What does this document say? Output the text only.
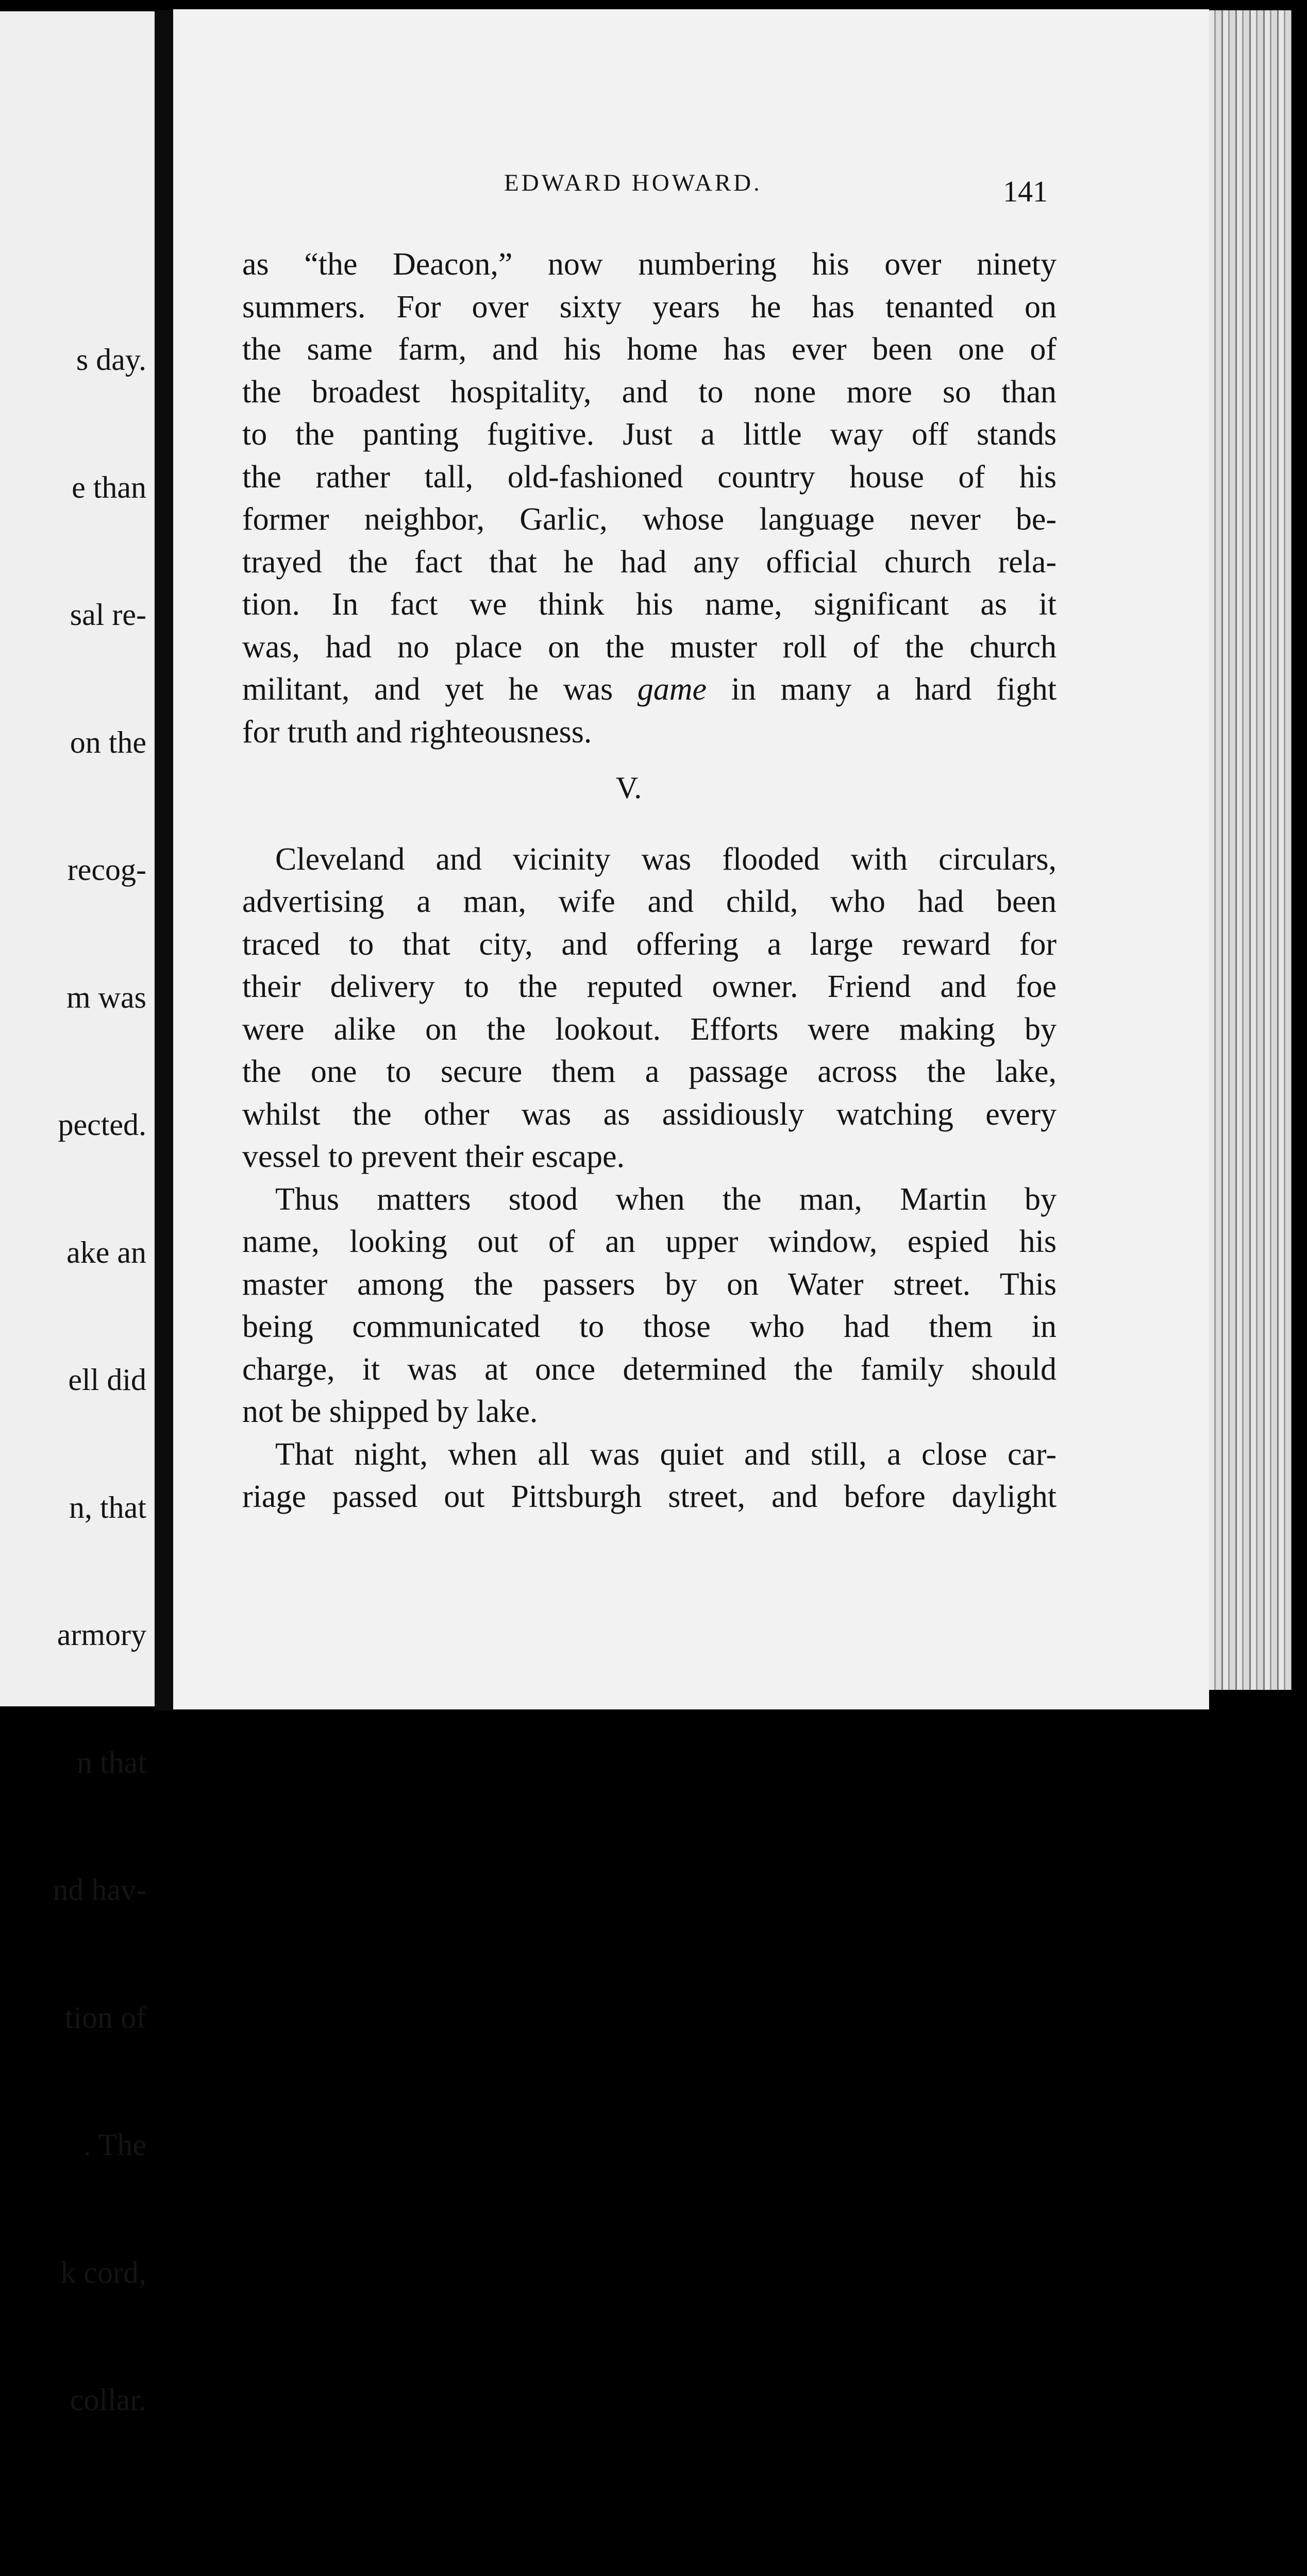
s day.

e than

sal re-

on the

recog-

m was

pected.

ake an

ell did

n, that

armory

n that

nd hav-

tion of

. The

k cord,

collar.

EDWARD HOWARD.	141
as “the Deacon,” now numbering his over ninety
summers. For over sixty years he has tenanted on
the same farm, and his home has ever been one of
the broadest hospitality, and to none more so than
to the panting fugitive. Just a little way off stands
the rather tall, old-fashioned country house of his
former neighbor, Garlic, whose language never be-
trayed the fact that he had any official church rela-
tion. In fact we think his name, significant as it
was, had no place on the muster roll of the church
militant, and yet he was game in many a hard fight
for truth and righteousness.
V.
Cleveland and vicinity was flooded with circulars,
advertising a man, wife and child, who had been
traced to that city, and offering a large reward for
their delivery to the reputed owner. Friend and foe
were alike on the lookout. Efforts were making by
the one to secure them a passage across the lake,
whilst the other was as assidiously watching every
vessel to prevent their escape.
Thus matters stood when the man, Martin by
name, looking out of an upper window, espied his
master among the passers by on Water street. This
being communicated to those who had them in
charge, it was at once determined the family should
not be shipped by lake.
That night, when all was quiet and still, a close car-
riage passed out Pittsburgh street, and before daylight
